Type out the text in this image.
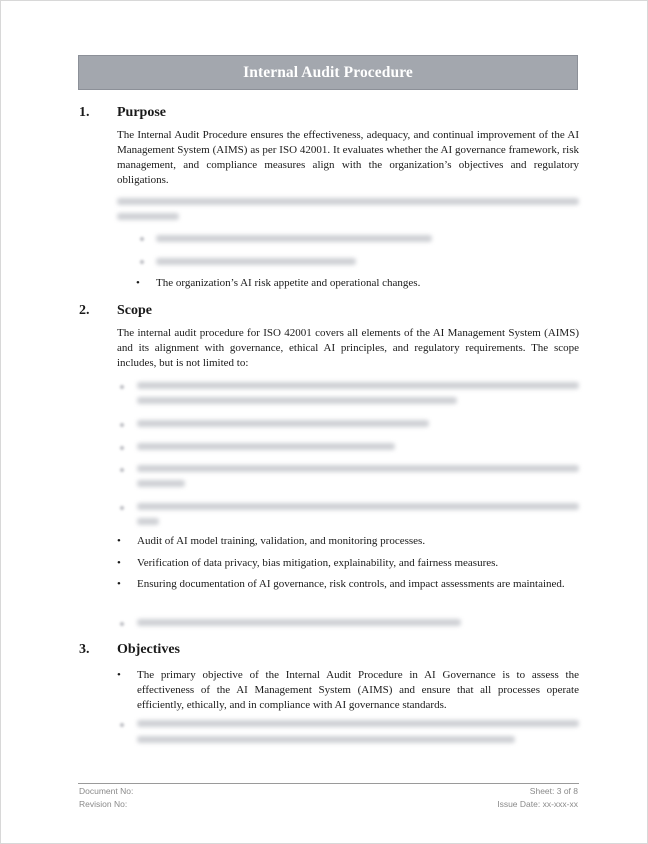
Internal Audit Procedure
1. Purpose
The Internal Audit Procedure ensures the effectiveness, adequacy, and continual improvement of the AI Management System (AIMS) as per ISO 42001. It evaluates whether the AI governance framework, risk management, and compliance measures align with the organization’s objectives and regulatory obligations.
• The organization’s AI risk appetite and operational changes.
2. Scope
The internal audit procedure for ISO 42001 covers all elements of the AI Management System (AIMS) and its alignment with governance, ethical AI principles, and regulatory requirements. The scope includes, but is not limited to:
• Audit of AI model training, validation, and monitoring processes.
• Verification of data privacy, bias mitigation, explainability, and fairness measures.
• Ensuring documentation of AI governance, risk controls, and impact assessments are maintained.
3. Objectives
• The primary objective of the Internal Audit Procedure in AI Governance is to assess the effectiveness of the AI Management System (AIMS) and ensure that all processes operate efficiently, ethically, and in compliance with AI governance standards.
Document No:
Revision No:
Sheet: 3 of 8
Issue Date: xx-xxx-xx
